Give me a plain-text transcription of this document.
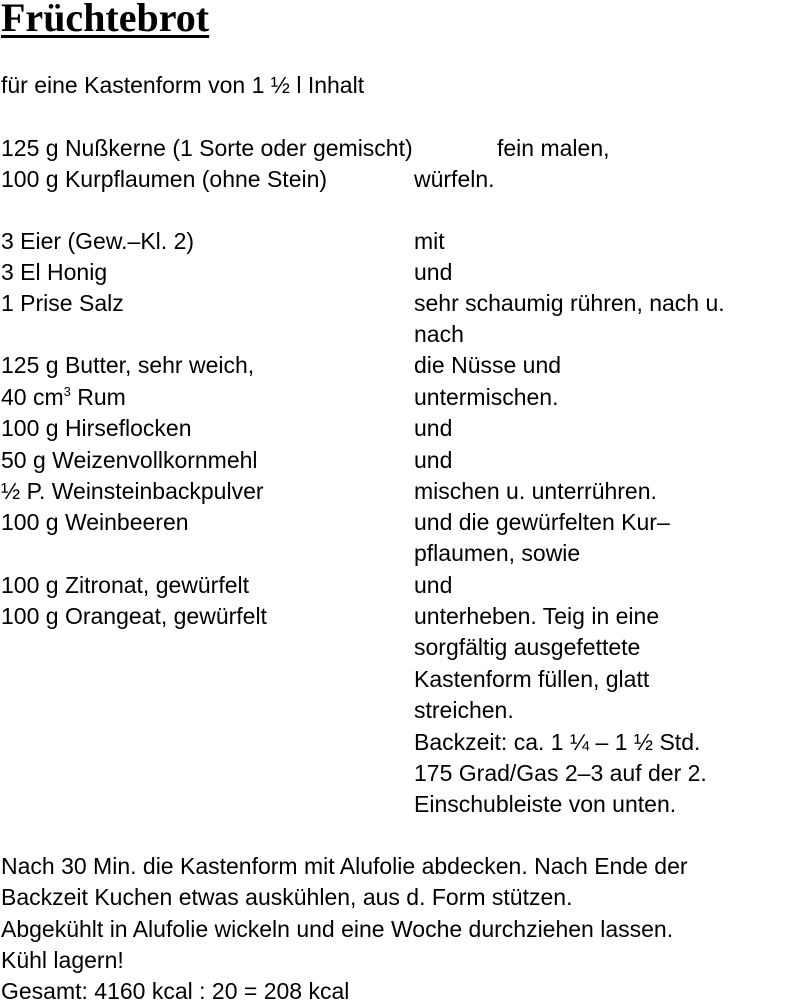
Früchtebrot

für eine Kastenform von 1 ½ l Inhalt

125 g Nußkerne (1 Sorte oder gemischt)	fein malen,
100 g Kurpflaumen (ohne Stein)	würfeln.
3 Eier (Gew.–Kl. 2)	mit
3 El Honig	und
1 Prise Salz	sehr schaumig rühren, nach u.
nach
125 g Butter, sehr weich,	die Nüsse und
40 $cm^3$ Rum	untermischen.
100 g Hirseflocken	und
50 g Weizenvollkornmehl	und
½ P. Weinsteinbackpulver	mischen u. unterrühren.
100 g Weinbeeren	und die gewürfelten Kur–
pflaumen, sowie
100 g Zitronat, gewürfelt	und
100 g Orangeat, gewürfelt	unterheben. Teig in eine
sorgfältig ausgefettete
Kastenform füllen, glatt
streichen.
Backzeit: ca. 1 ¼ – 1 ½ Std.
175 Grad/Gas 2–3 auf der 2.
Einschubleiste von unten.

Nach 30 Min. die Kastenform mit Alufolie abdecken. Nach Ende der

Backzeit Kuchen etwas auskühlen, aus d. Form stützen.

Abgekühlt in Alufolie wickeln und eine Woche durchziehen lassen.

Kühl lagern!

Gesamt: 4160 kcal : 20 = 208 kcal
